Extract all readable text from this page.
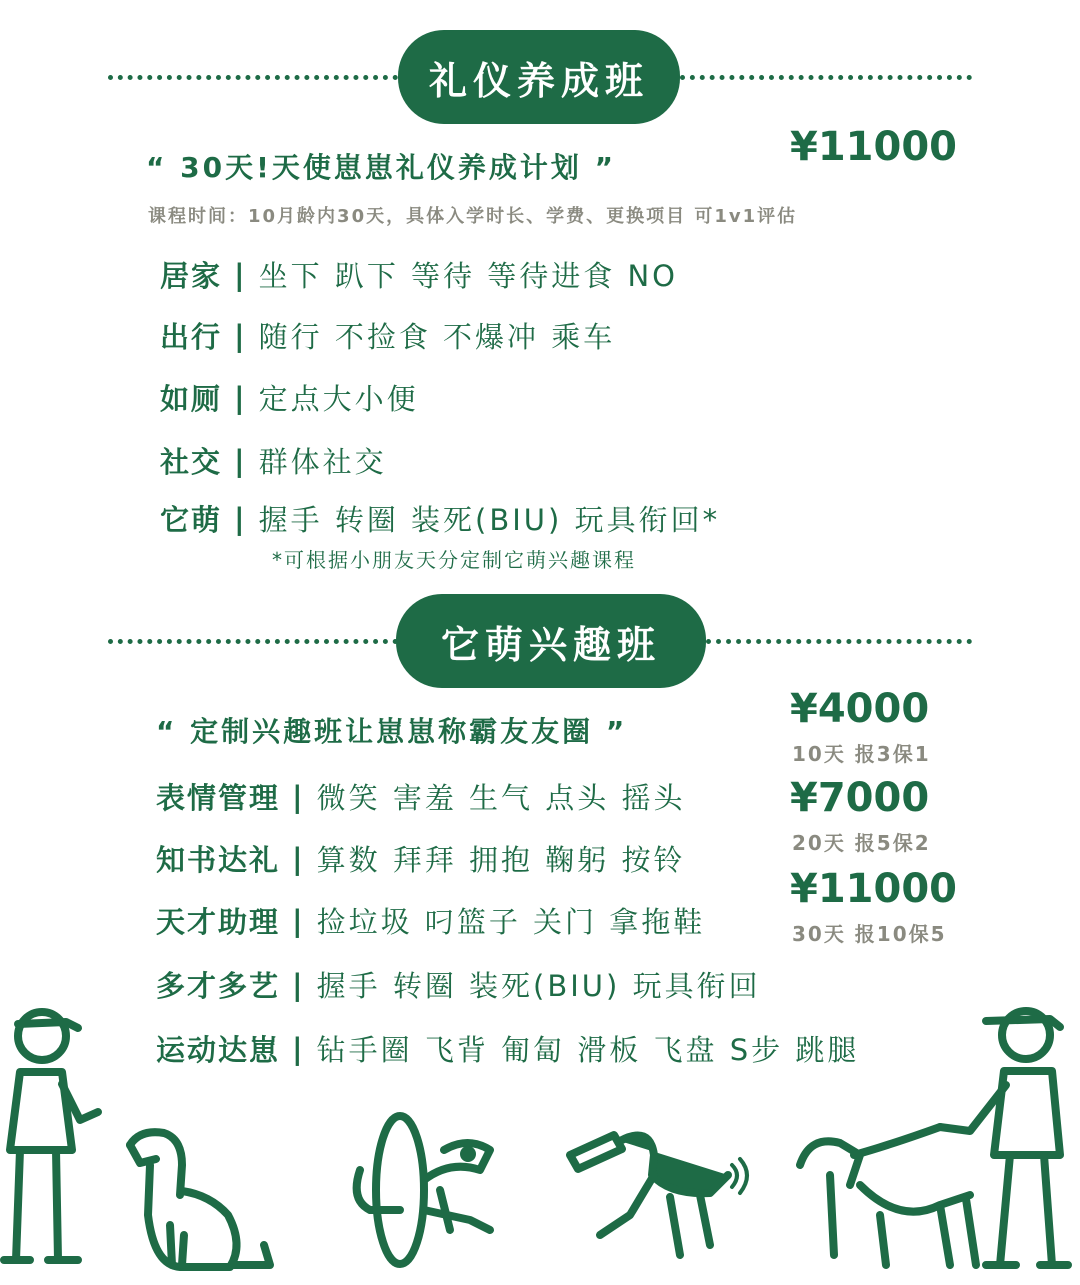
礼仪养成班
“ 30天!天使崽崽礼仪养成计划 ”	¥11000
课程时间：10月龄内30天，具体入学时长、学费、更换项目 可1v1评估
居家 | 坐下 趴下 等待 等待进食 NO
出行 | 随行 不捡食 不爆冲 乘车
如厕 | 定点大小便
社交 | 群体社交
它萌 | 握手 转圈 装死(BIU) 玩具衔回*
*可根据小朋友天分定制它萌兴趣课程
它萌兴趣班
“ 定制兴趣班让崽崽称霸友友圈 ”	¥4000
10天 报3保1
¥7000
20天 报5保2
¥11000
30天 报10保5
表情管理 | 微笑 害羞 生气 点头 摇头
知书达礼 | 算数 拜拜 拥抱 鞠躬 按铃
天才助理 | 捡垃圾 叼篮子 关门 拿拖鞋
多才多艺 | 握手 转圈 装死(BIU) 玩具衔回
运动达崽 | 钻手圈 飞背 匍匐 滑板 飞盘 S步 跳腿
